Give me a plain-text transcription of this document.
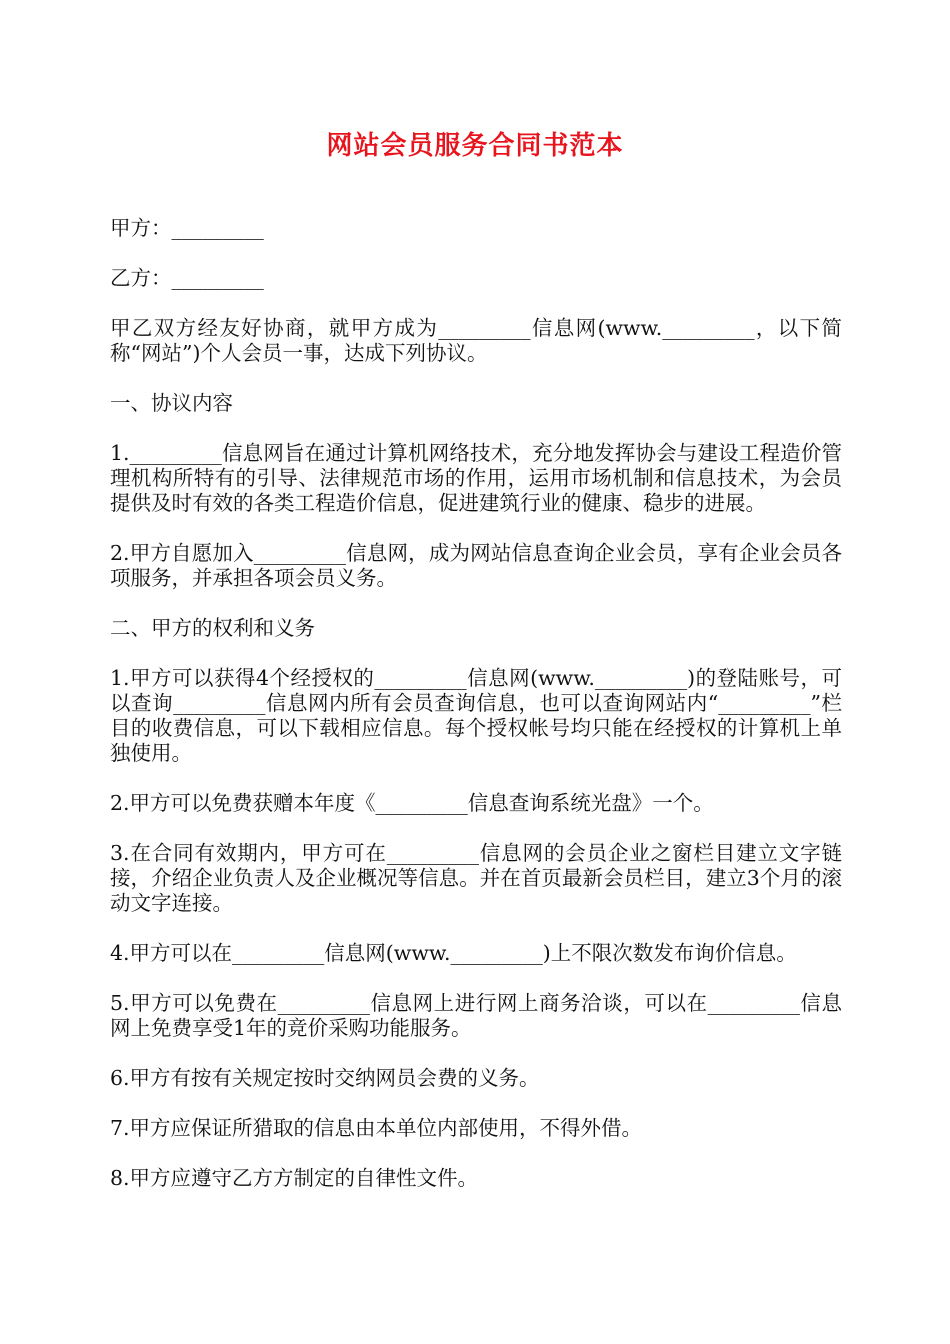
网站会员服务合同书范本

甲方：_________

乙方：_________

甲乙双方经友好协商，就甲方成为_________信息网(www._________，以下简称“网站”)个人会员一事，达成下列协议。

一、协议内容

1._________信息网旨在通过计算机网络技术，充分地发挥协会与建设工程造价管理机构所特有的引导、法律规范市场的作用，运用市场机制和信息技术，为会员提供及时有效的各类工程造价信息，促进建筑行业的健康、稳步的进展。

2.甲方自愿加入_________信息网，成为网站信息查询企业会员，享有企业会员各项服务，并承担各项会员义务。

二、甲方的权利和义务

1.甲方可以获得4个经授权的_________信息网(www._________)的登陆账号，可以查询_________信息网内所有会员查询信息，也可以查询网站内“_________”栏目的收费信息，可以下载相应信息。每个授权帐号均只能在经授权的计算机上单独使用。

2.甲方可以免费获赠本年度《_________信息查询系统光盘》一个。

3.在合同有效期内，甲方可在_________信息网的会员企业之窗栏目建立文字链接，介绍企业负责人及企业概况等信息。并在首页最新会员栏目，建立3个月的滚动文字连接。

4.甲方可以在_________信息网(www._________)上不限次数发布询价信息。

5.甲方可以免费在_________信息网上进行网上商务洽谈，可以在_________信息网上免费享受1年的竞价采购功能服务。

6.甲方有按有关规定按时交纳网员会费的义务。

7.甲方应保证所猎取的信息由本单位内部使用，不得外借。

8.甲方应遵守乙方方制定的自律性文件。
